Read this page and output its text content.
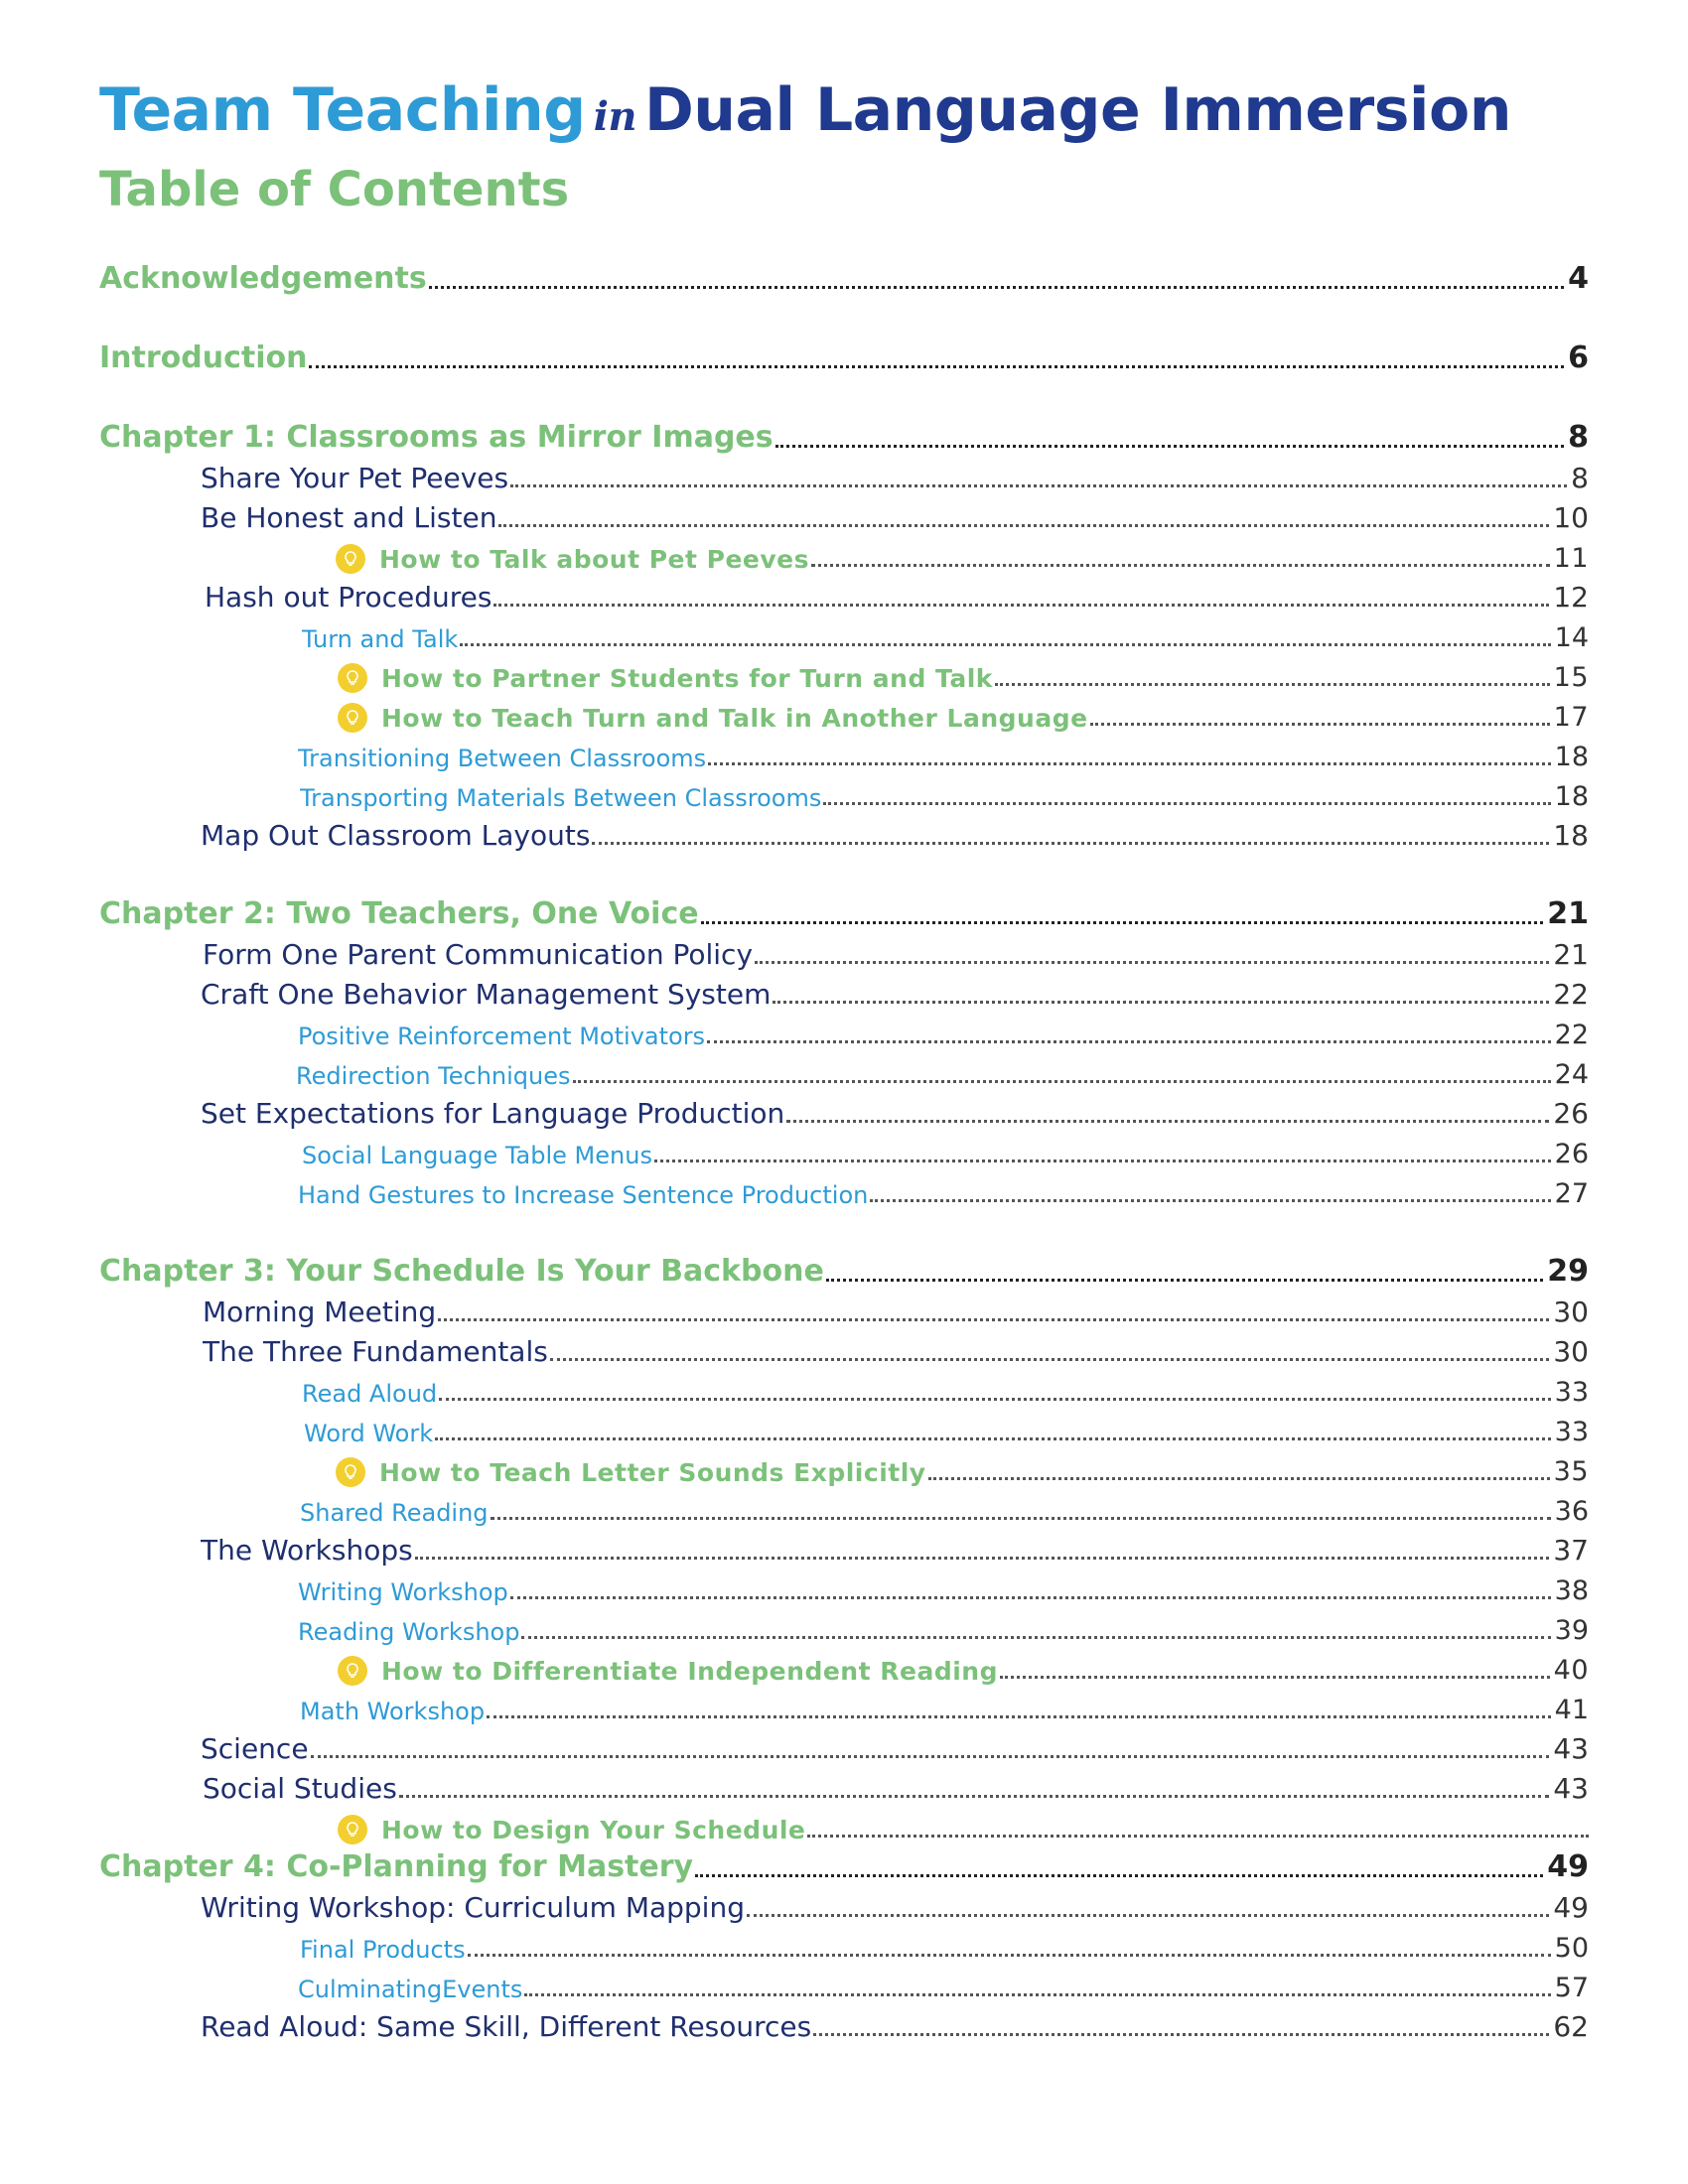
Team Teaching in Dual Language Immersion
Table of Contents
Acknowledgements	4
Introduction	6
Chapter 1: Classrooms as Mirror Images	8
Share Your Pet Peeves	8
Be Honest and Listen	10
How to Talk about Pet Peeves	11
Hash out Procedures	12
Turn and Talk	14
How to Partner Students for Turn and Talk	15
How to Teach Turn and Talk in Another Language	17
Transitioning Between Classrooms	18
Transporting Materials Between Classrooms	18
Map Out Classroom Layouts	18
Chapter 2: Two Teachers, One Voice	21
Form One Parent Communication Policy	21
Craft One Behavior Management System	22
Positive Reinforcement Motivators	22
Redirection Techniques	24
Set Expectations for Language Production	26
Social Language Table Menus	26
Hand Gestures to Increase Sentence Production	27
Chapter 3: Your Schedule Is Your Backbone	29
Morning Meeting	30
The Three Fundamentals	30
Read Aloud	33
Word Work	33
How to Teach Letter Sounds Explicitly	35
Shared Reading	36
The Workshops	37
Writing Workshop	38
Reading Workshop	39
How to Differentiate Independent Reading	40
Math Workshop	41
Science	43
Social Studies	43
How to Design Your Schedule
Chapter 4: Co-Planning for Mastery	49
Writing Workshop: Curriculum Mapping	49
Final Products	50
CulminatingEvents	57
Read Aloud: Same Skill, Different Resources	62
